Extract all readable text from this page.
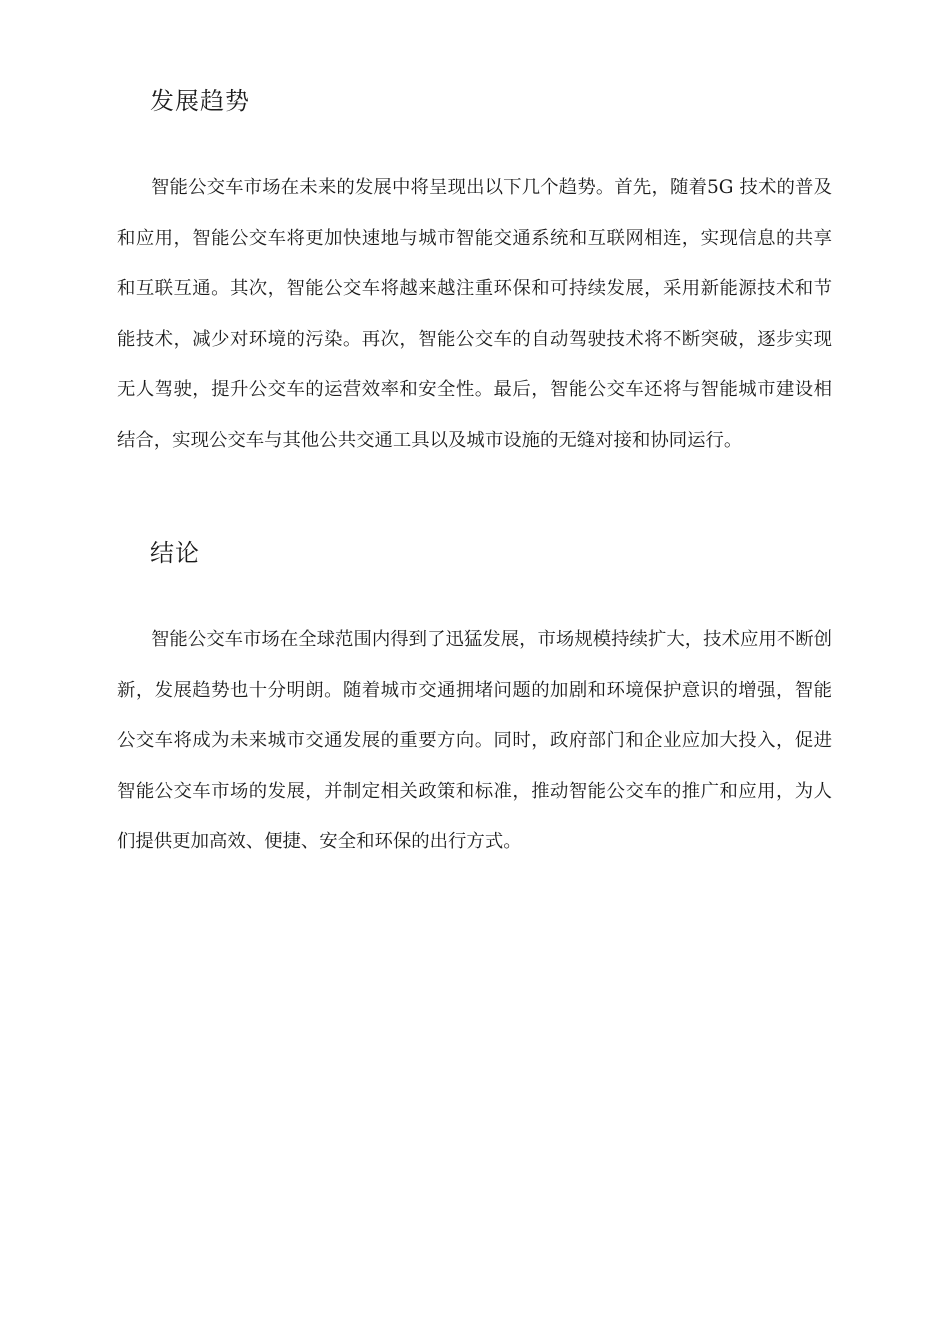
发展趋势

智能公交车市场在未来的发展中将呈现出以下几个趋势。首先，随着5G 技术的普及和应用，智能公交车将更加快速地与城市智能交通系统和互联网相连，实现信息的共享和互联互通。其次，智能公交车将越来越注重环保和可持续发展，采用新能源技术和节能技术，减少对环境的污染。再次，智能公交车的自动驾驶技术将不断突破，逐步实现无人驾驶，提升公交车的运营效率和安全性。最后，智能公交车还将与智能城市建设相结合，实现公交车与其他公共交通工具以及城市设施的无缝对接和协同运行。

结论

智能公交车市场在全球范围内得到了迅猛发展，市场规模持续扩大，技术应用不断创新，发展趋势也十分明朗。随着城市交通拥堵问题的加剧和环境保护意识的增强，智能公交车将成为未来城市交通发展的重要方向。同时，政府部门和企业应加大投入，促进智能公交车市场的发展，并制定相关政策和标准，推动智能公交车的推广和应用，为人们提供更加高效、便捷、安全和环保的出行方式。
